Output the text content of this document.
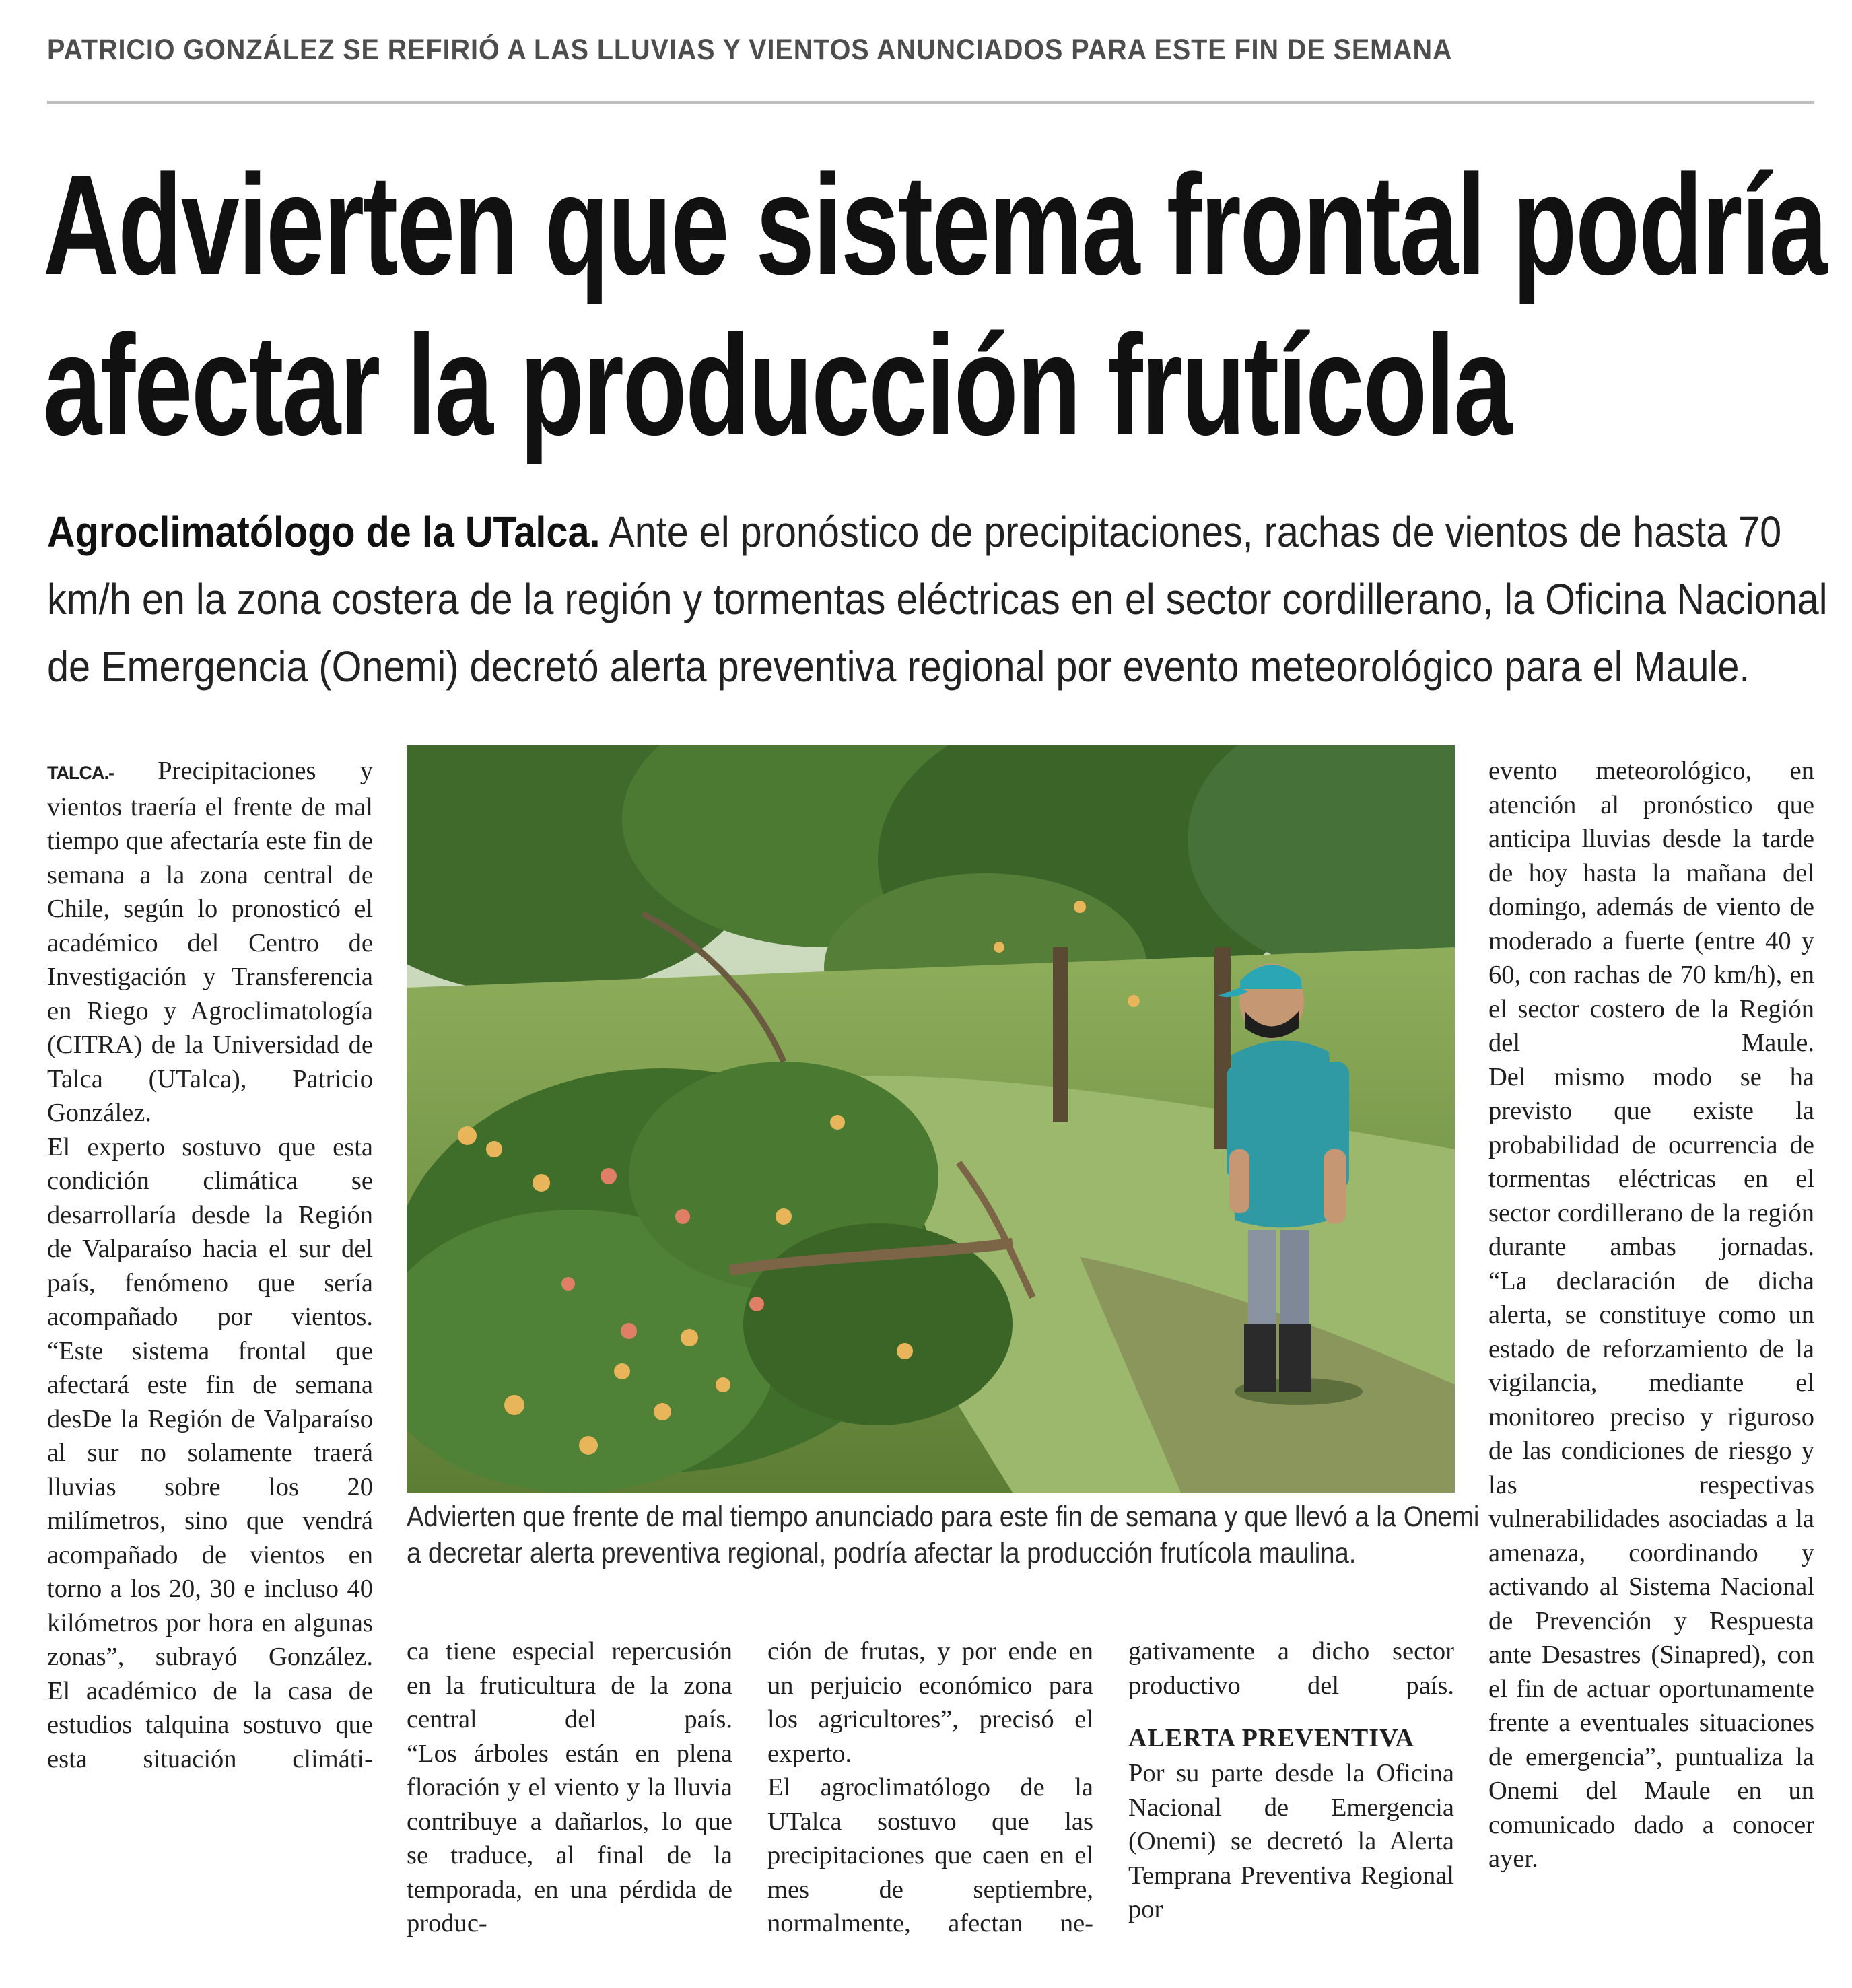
PATRICIO GONZÁLEZ SE REFIRIÓ A LAS LLUVIAS Y VIENTOS ANUNCIADOS PARA ESTE FIN DE SEMANA
Advierten que sistema frontal podría
afectar la producción frutícola
Agroclimatólogo de la UTalca. Ante el pronóstico de precipitaciones, rachas de vientos de hasta 70
km/h en la zona costera de la región y tormentas eléctricas en el sector cordillerano, la Oficina Nacional
de Emergencia (Onemi) decretó alerta preventiva regional por evento meteorológico para el Maule.

TALCA.- Precipitaciones y vientos traería el frente de mal tiempo que afectaría este fin de semana a la zona central de Chile, según lo pronosticó el académico del Centro de Investigación y Transferencia en Riego y Agroclimatología (CITRA) de la Universidad de Talca (UTalca), Patricio González.

El experto sostuvo que esta condición climática se desarrollaría desde la Región de Valparaíso hacia el sur del país, fenómeno que sería acompañado por vientos.

“Este sistema frontal que afectará este fin de semana desDe la Región de Valparaíso al sur no solamente traerá lluvias sobre los 20 milímetros, sino que vendrá acompañado de vientos en torno a los 20, 30 e incluso 40 kilómetros por hora en algunas zonas”, subrayó González.

El académico de la casa de estudios talquina sostuvo que esta situación climáti-

Advierten que frente de mal tiempo anunciado para este fin de semana y que llevó a la Onemi
a decretar alerta preventiva regional, podría afectar la producción frutícola maulina.

ca tiene especial repercusión en la fruticultura de la zona central del país.

“Los árboles están en plena floración y el viento y la lluvia contribuye a dañarlos, lo que se traduce, al final de la temporada, en una pérdida de produc-

ción de frutas, y por ende en un perjuicio económico para los agricultores”, precisó el experto.

El agroclimatólogo de la UTalca sostuvo que las precipitaciones que caen en el mes de septiembre, normalmente, afectan ne-

gativamente a dicho sector productivo del país.

ALERTA PREVENTIVA

Por su parte desde la Oficina Nacional de Emergencia (Onemi) se decretó la Alerta Temprana Preventiva Regional por

evento meteorológico, en atención al pronóstico que anticipa lluvias desde la tarde de hoy hasta la mañana del domingo, además de viento de moderado a fuerte (entre 40 y 60, con rachas de 70 km/h), en el sector costero de la Región del Maule.

Del mismo modo se ha previsto que existe la probabilidad de ocurrencia de tormentas eléctricas en el sector cordillerano de la región durante ambas jornadas.

“La declaración de dicha alerta, se constituye como un estado de reforzamiento de la vigilancia, mediante el monitoreo preciso y riguroso de las condiciones de riesgo y las respectivas vulnerabilidades asociadas a la amenaza, coordinando y activando al Sistema Nacional de Prevención y Respuesta ante Desastres (Sinapred), con el fin de actuar oportunamente frente a eventuales situaciones de emergencia”, puntualiza la Onemi del Maule en un comunicado dado a conocer ayer.
